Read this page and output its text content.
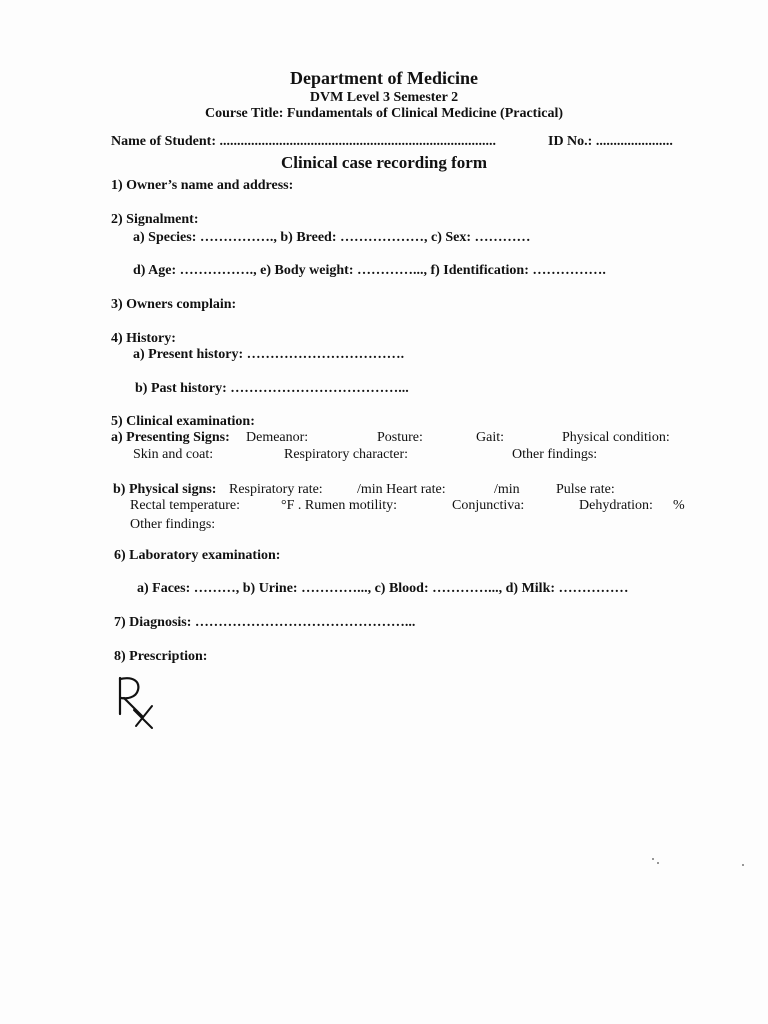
Department of Medicine
DVM Level 3 Semester 2
Course Title: Fundamentals of Clinical Medicine (Practical)
Name of Student: ...............................................................................	ID No.: ......................
Clinical case recording form
1) Owner’s name and address:
2) Signalment:
a) Species: ……………., b) Breed: ………………, c) Sex: …………
d) Age: ……………., e) Body weight: …………..., f) Identification: …………….
3) Owners complain:
4) History:
a) Present history: …………………………….
b) Past history: ………………………………...
5) Clinical examination:
a) Presenting Signs: Demeanor:	Posture:	Gait:	Physical condition:
Skin and coat:	Respiratory character:	Other findings:
b) Physical signs: Respiratory rate: /min Heart rate:	/min	Pulse rate:
Rectal temperature:	°F . Rumen motility:	Conjunctiva:	Dehydration: %
Other findings:
6) Laboratory examination:
a) Faces: ………, b) Urine: …………..., c) Blood: …………..., d) Milk: ……………
7) Diagnosis: ………………………………………...
8) Prescription:
